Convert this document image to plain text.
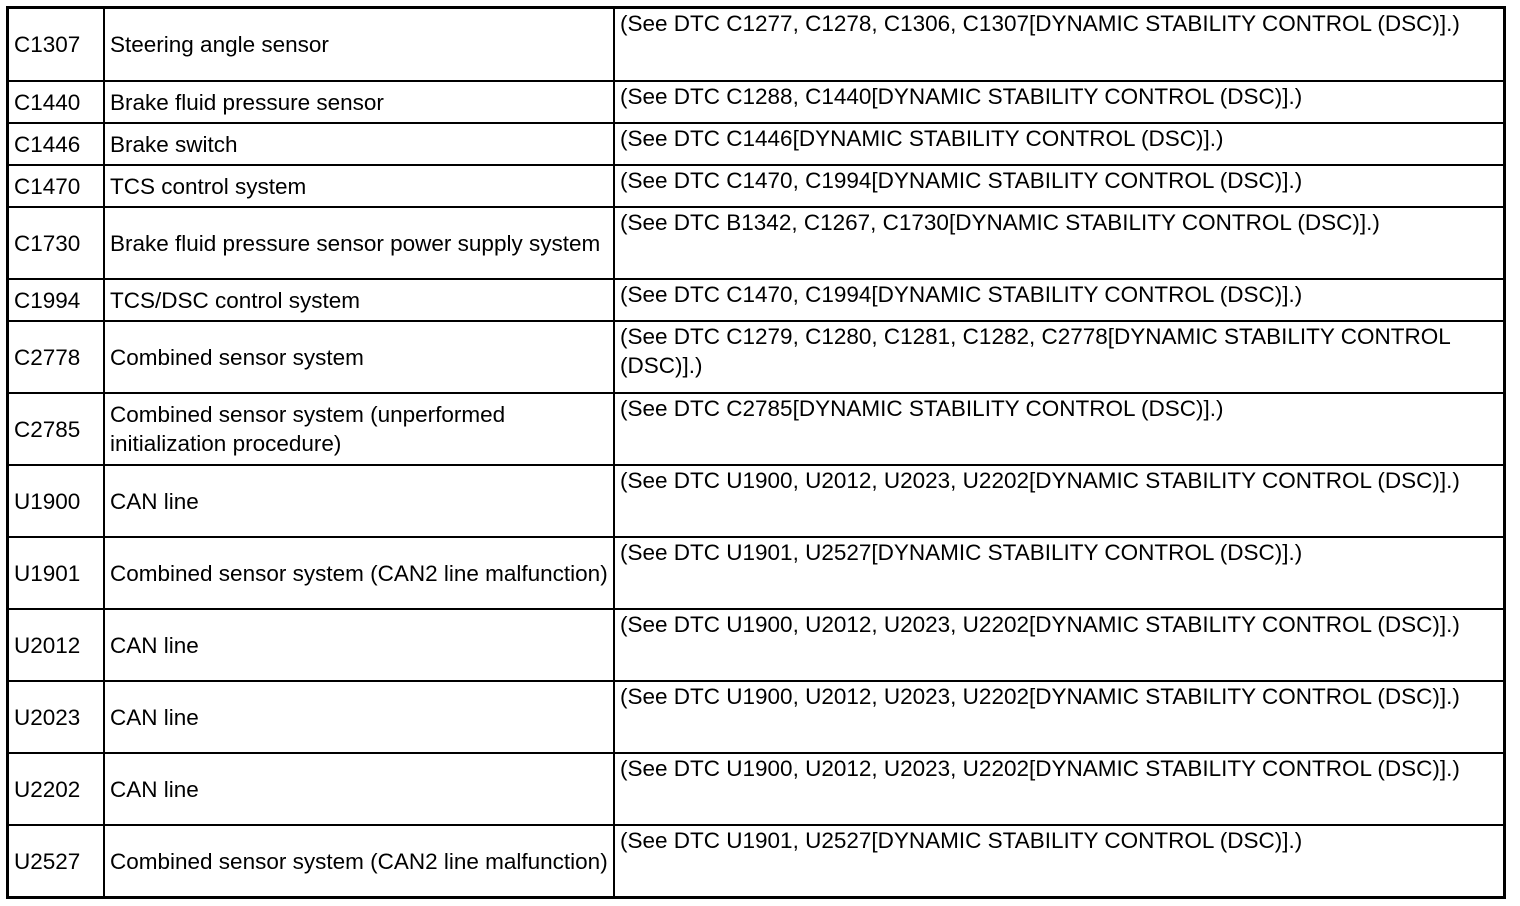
C1307	Steering angle sensor	(See DTC C1277, C1278, C1306, C1307[DYNAMIC STABILITY CONTROL (DSC)].)
C1440	Brake fluid pressure sensor	(See DTC C1288, C1440[DYNAMIC STABILITY CONTROL (DSC)].)
C1446	Brake switch	(See DTC C1446[DYNAMIC STABILITY CONTROL (DSC)].)
C1470	TCS control system	(See DTC C1470, C1994[DYNAMIC STABILITY CONTROL (DSC)].)
C1730	Brake fluid pressure sensor power supply system	(See DTC B1342, C1267, C1730[DYNAMIC STABILITY CONTROL (DSC)].)
C1994	TCS/DSC control system	(See DTC C1470, C1994[DYNAMIC STABILITY CONTROL (DSC)].)
C2778	Combined sensor system	(See DTC C1279, C1280, C1281, C1282, C2778[DYNAMIC STABILITY CONTROL (DSC)].)
C2785	Combined sensor system (unperformed initialization procedure)	(See DTC C2785[DYNAMIC STABILITY CONTROL (DSC)].)
U1900	CAN line	(See DTC U1900, U2012, U2023, U2202[DYNAMIC STABILITY CONTROL (DSC)].)
U1901	Combined sensor system (CAN2 line malfunction)	(See DTC U1901, U2527[DYNAMIC STABILITY CONTROL (DSC)].)
U2012	CAN line	(See DTC U1900, U2012, U2023, U2202[DYNAMIC STABILITY CONTROL (DSC)].)
U2023	CAN line	(See DTC U1900, U2012, U2023, U2202[DYNAMIC STABILITY CONTROL (DSC)].)
U2202	CAN line	(See DTC U1900, U2012, U2023, U2202[DYNAMIC STABILITY CONTROL (DSC)].)
U2527	Combined sensor system (CAN2 line malfunction)	(See DTC U1901, U2527[DYNAMIC STABILITY CONTROL (DSC)].)
